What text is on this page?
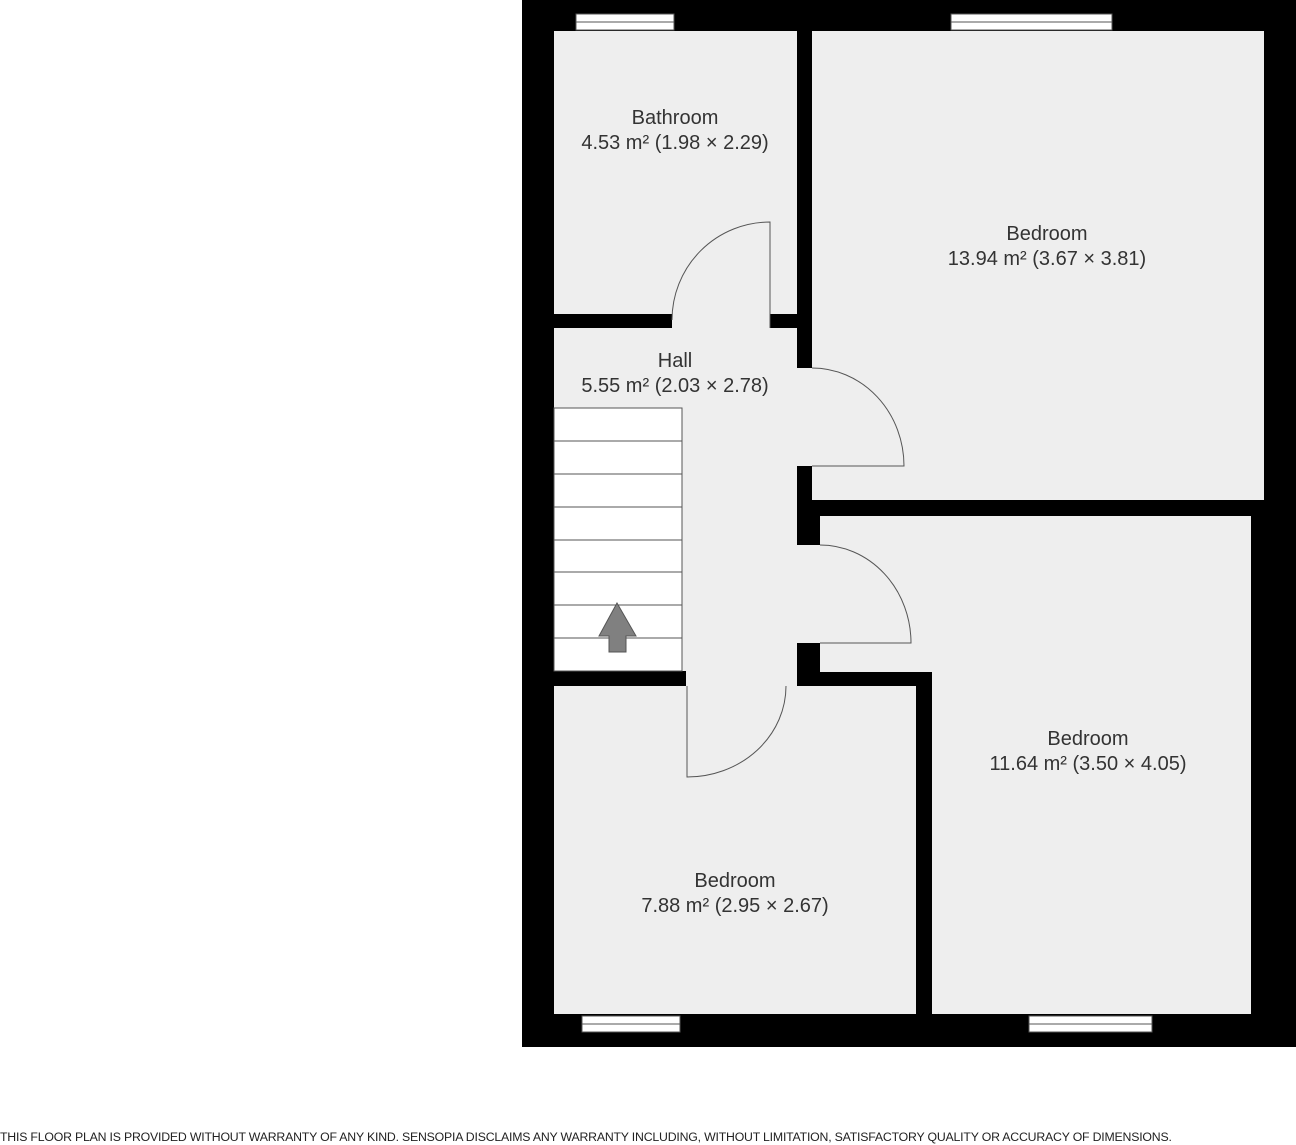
Bathroom
4.53 m² (1.98 × 2.29)
Bedroom
13.94 m² (3.67 × 3.81)
Hall
5.55 m² (2.03 × 2.78)
Bedroom
11.64 m² (3.50 × 4.05)
Bedroom
7.88 m² (2.95 × 2.67)
THIS FLOOR PLAN IS PROVIDED WITHOUT WARRANTY OF ANY KIND. SENSOPIA DISCLAIMS ANY WARRANTY INCLUDING, WITHOUT LIMITATION, SATISFACTORY QUALITY OR ACCURACY OF DIMENSIONS.
